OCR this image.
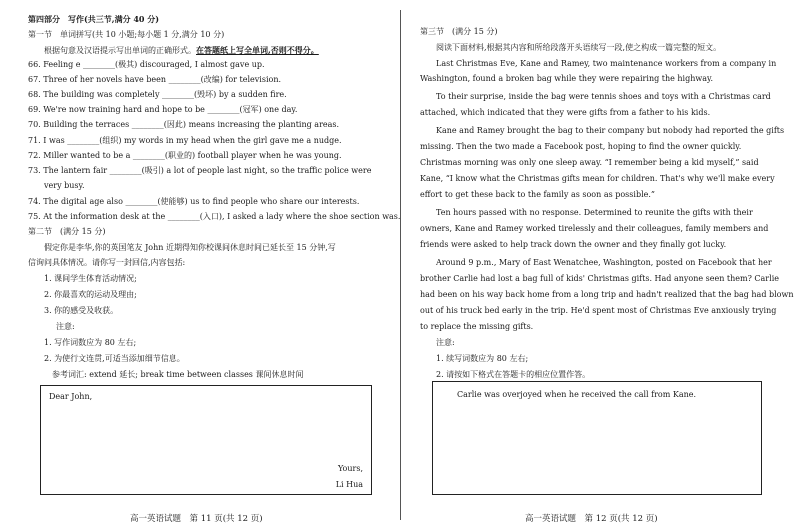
第四部分　写作(共三节,满分 40 分)
第一节　单词拼写(共 10 小题;每小题 1 分,满分 10 分)
根据句意及汉语提示写出单词的正确形式。在答题纸上写全单词,否则不得分。
66. Feeling e ________(极其) discouraged, I almost gave up.
67. Three of her novels have been ________(改编) for television.
68. The building was completely ________(毁坏) by a sudden fire.
69. We're now training hard and hope to be ________(冠军) one day.
70. Building the terraces ________(因此) means increasing the planting areas.
71. I was ________(组织) my words in my head when the girl gave me a nudge.
72. Miller wanted to be a ________(职业的) football player when he was young.
73. The lantern fair ________(吸引) a lot of people last night, so the traffic police were
very busy.
74. The digital age also ________(使能够) us to find people who share our interests.
75. At the information desk at the ________(入口), I asked a lady where the shoe section was.
第二节　(满分 15 分)
假定你是李华,你的英国笔友 John 近期得知你校课间休息时间已延长至 15 分钟,写
信询问具体情况。请你写一封回信,内容包括:
1. 课间学生体育活动情况;
2. 你最喜欢的运动及理由;
3. 你的感受及收获。
注意:
1. 写作词数应为 80 左右;
2. 为使行文连贯,可适当添加细节信息。
参考词汇: extend 延长; break time between classes 课间休息时间
Dear John,
Yours,
Li Hua
高一英语试题　第 11 页(共 12 页)
第三节　(满分 15 分)
阅读下面材料,根据其内容和所给段落开头语续写一段,使之构成一篇完整的短文。
Last Christmas Eve, Kane and Ramey, two maintenance workers from a company in
Washington, found a broken bag while they were repairing the highway.
To their surprise, inside the bag were tennis shoes and toys with a Christmas card
attached, which indicated that they were gifts from a father to his kids.
Kane and Ramey brought the bag to their company but nobody had reported the gifts
missing. Then the two made a Facebook post, hoping to find the owner quickly.
Christmas morning was only one sleep away. “I remember being a kid myself,” said
Kane, “I know what the Christmas gifts mean for children. That's why we'll make every
effort to get these back to the family as soon as possible.”
Ten hours passed with no response. Determined to reunite the gifts with their
owners, Kane and Ramey worked tirelessly and their colleagues, family members and
friends were asked to help track down the owner and they finally got lucky.
Around 9 p.m., Mary of East Wenatchee, Washington, posted on Facebook that her
brother Carlie had lost a bag full of kids' Christmas gifts. Had anyone seen them? Carlie
had been on his way back home from a long trip and hadn't realized that the bag had blown
out of his truck bed early in the trip. He'd spent most of Christmas Eve anxiously trying
to replace the missing gifts.
注意:
1. 续写词数应为 80 左右;
2. 请按如下格式在答题卡的相应位置作答。
Carlie was overjoyed when he received the call from Kane.
高一英语试题　第 12 页(共 12 页)
